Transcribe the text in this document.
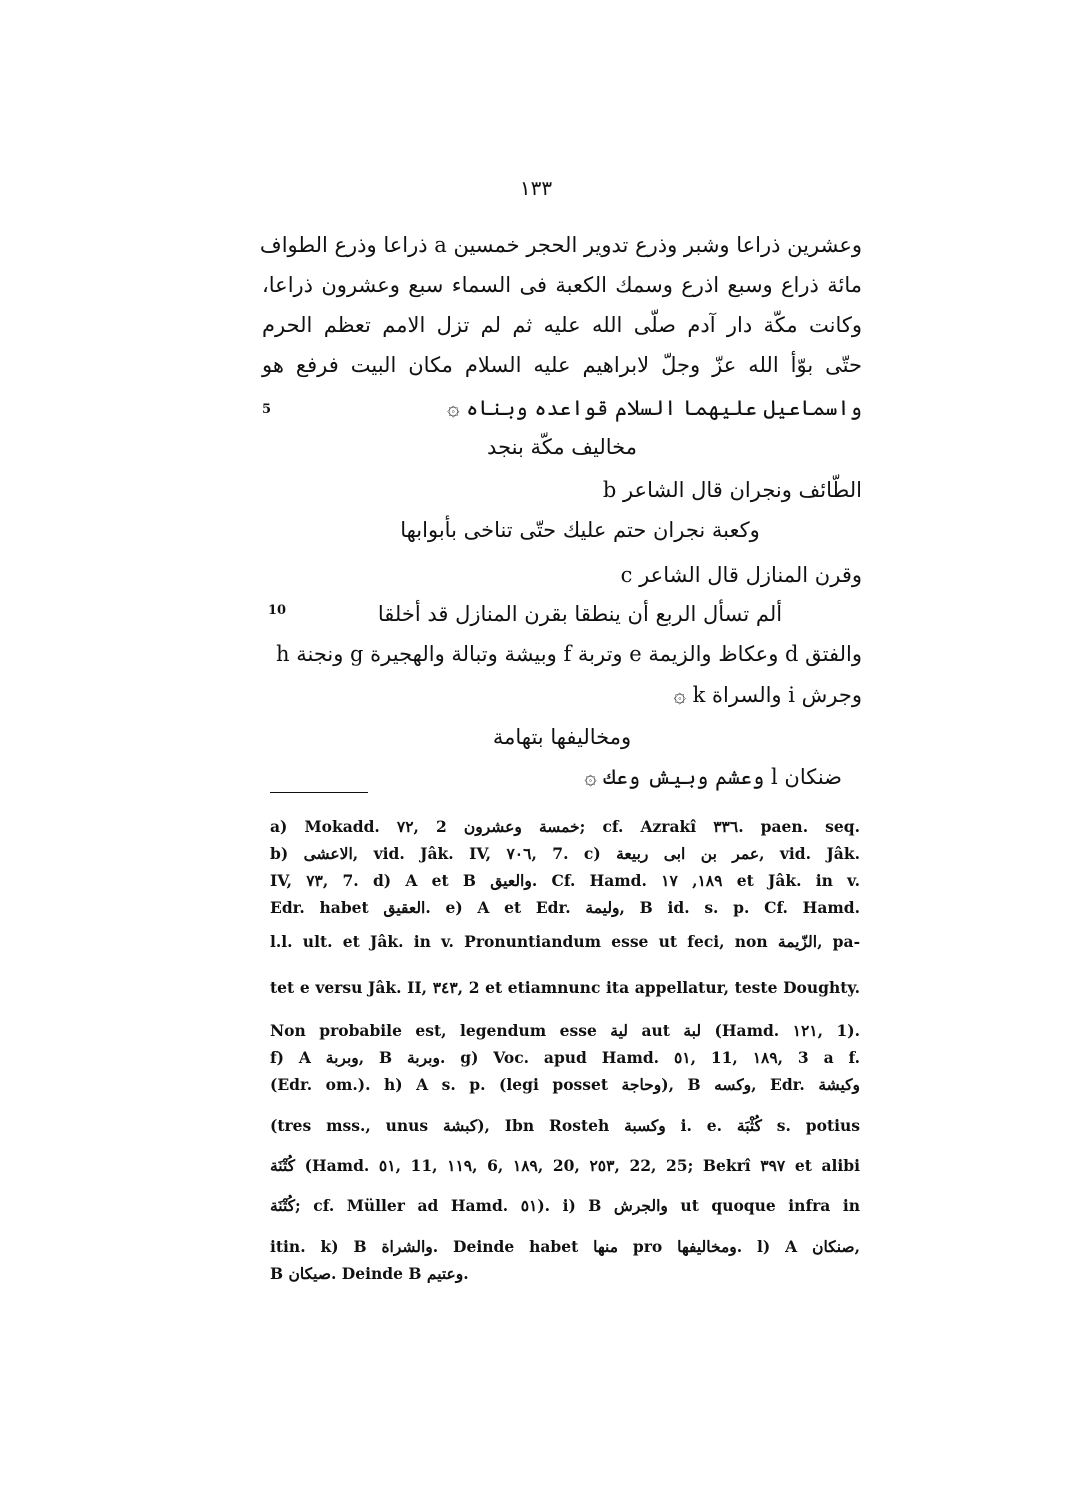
١٣٣
وعشرين ذراعا وشبر وذرع تدوير الحجر خمسين a ذراعا وذرع الطواف
مائة ذراع وسبع اذرع وسمك الكعبة فى السماء سبع وعشرون ذراعا،
وكانت مكّة دار آدم صلّى الله عليه ثم لم تزل الامم تعظم الحرم
حتّى بوّأ الله عزّ وجلّ لابراهيم عليه السلام مكان البيت فرفع هو
واسماعيل عليهما السلام قواعده وبناه ۞
5
مخاليف مكّة بنجد
الطّائف ونجران قال الشاعر b
وكعبة نجران حتم عليك حتّى تناخى بأبوابها
وقرن المنازل قال الشاعر c
ألم تسأل الربع أن ينطقا بقرن المنازل قد أخلقا
10
والفتق d وعكاظ والزيمة e وتربة f وبيشة وتبالة والهجيرة g ونجنة h
وجرش i والسراة k ۞
ومخاليفها بتهامة
ضنكان l وعشم وبيش وعك ۞
a) Mokadd. ٧٢, 2 خمسة وعشرون; cf. Azrakî ٣٣٦. paen. seq.
b) الاعشى, vid. Jâk. IV, ٧٠٦, 7. c) عمر بن ابى ربيعة, vid. Jâk.
IV, ٧٣, 7. d) A et B والعيق. Cf. Hamd. ١٨٩, ١٧ et Jâk. in v.
Edr. habet العقيق. e) A et Edr. وليمة, B id. s. p. Cf. Hamd.
l.l. ult. et Jâk. in v. Pronuntiandum esse ut feci, non الزّيمة, pa-
tet e versu Jâk. II, ٣٤٣, 2 et etiamnunc ita appellatur, teste Doughty.
Non probabile est, legendum esse لية aut لبة (Hamd. ١٢١, 1).
f) A وبربة, B وبربة. g) Voc. apud Hamd. ٥١, 11, ١٨٩, 3 a f.
(Edr. om.). h) A s. p. (legi posset وحاجة), B وكسه, Edr. وكيشة
(tres mss., unus كبشة), Ibn Rosteh وكسبة i. e. كُثْبَة s. potius
كُتْنَة (Hamd. ٥١, 11, ١١٩, 6, ١٨٩, 20, ٢٥٣, 22, 25; Bekrî ٣٩٧ et alibi
كُتْنَة; cf. Müller ad Hamd. ٥١). i) B والجرش ut quoque infra in
itin. k) B والشراة. Deinde habet منها pro ومخاليفها. l) A صنكان,
B صيكان. Deinde B وعتيم.
